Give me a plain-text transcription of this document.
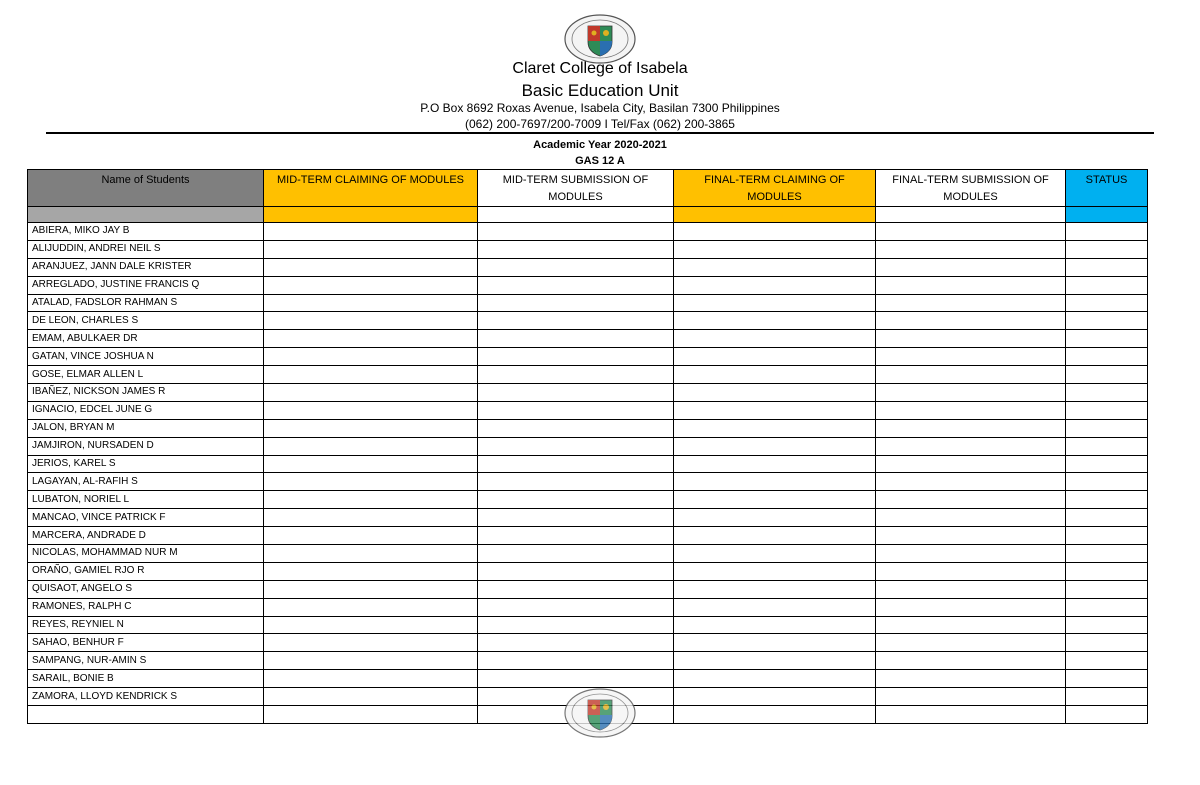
Claret College of Isabela
Basic Education Unit
P.O Box 8692 Roxas Avenue, Isabela City, Basilan 7300 Philippines
(062) 200-7697/200-7009 I Tel/Fax (062) 200-3865
Academic Year 2020-2021
GAS 12 A
Name of Students	MID-TERM CLAIMING OF MODULES	MID-TERM SUBMISSION OF MODULES	FINAL-TERM CLAIMING OF MODULES	FINAL-TERM SUBMISSION OF MODULES	STATUS

ABIERA, MIKO JAY B					
ALIJUDDIN, ANDREI NEIL S					
ARANJUEZ, JANN DALE KRISTER					
ARREGLADO, JUSTINE FRANCIS Q					
ATALAD, FADSLOR RAHMAN S					
DE LEON, CHARLES S					
EMAM, ABULKAER DR					
GATAN, VINCE JOSHUA N					
GOSE, ELMAR ALLEN L					
IBAÑEZ, NICKSON JAMES R					
IGNACIO, EDCEL JUNE G					
JALON, BRYAN M					
JAMJIRON, NURSADEN D					
JERIOS, KAREL S					
LAGAYAN, AL-RAFIH S					
LUBATON, NORIEL L					
MANCAO, VINCE PATRICK F					
MARCERA, ANDRADE D					
NICOLAS, MOHAMMAD NUR M					
ORAÑO, GAMIEL RJO R					
QUISAOT, ANGELO S					
RAMONES, RALPH C					
REYES, REYNIEL N					
SAHAO, BENHUR F					
SAMPANG, NUR-AMIN S					
SARAIL, BONIE B					
ZAMORA, LLOYD KENDRICK S					
